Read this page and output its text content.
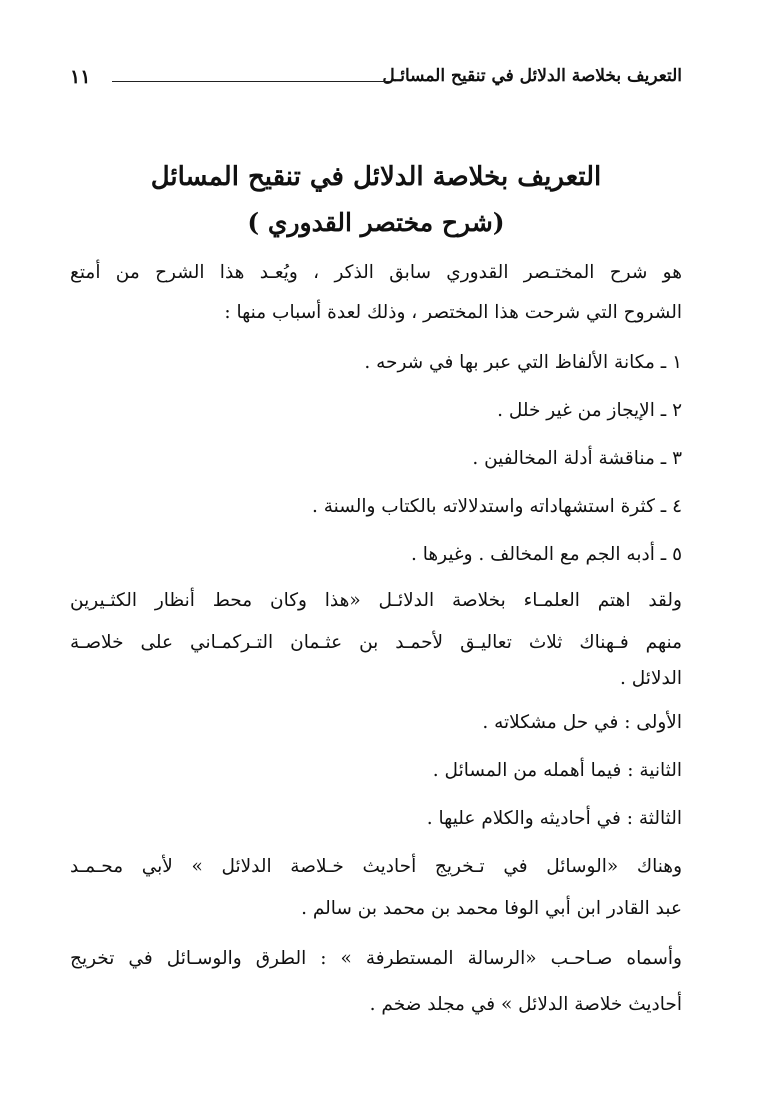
التعريف بخلاصة الدلائل في تنقيح المسائـل
١١
التعريف بخلاصة الدلائل في تنقيح المسائل
(شرح مختصر القدوري )
هو شرح المختـصر القدوري سابق الذكر ، ويُعـد هذا الشرح من أمتع
الشروح التي شرحت هذا المختصر ، وذلك لعدة أسباب منها :
١ ـ مكانة الألفاظ التي عبر بها في شرحه .
٢ ـ الإيجاز من غير خلل .
٣ ـ مناقشة أدلة المخالفين .
٤ ـ كثرة استشهاداته واستدلالاته بالكتاب والسنة .
٥ ـ أدبه الجم مع المخالف . وغيرها .
ولقد اهتم العلمـاء بخلاصة الدلائـل «هذا وكان محط أنظار الكثـيرين
منهم فـهناك ثلاث تعاليـق لأحمـد بن عثـمان التـركمـاني على خلاصـة
الدلائل .
الأولى : في حل مشكلاته .
الثانية : فيما أهمله من المسائل .
الثالثة : في أحاديثه والكلام عليها .
وهناك «الوسائل في تـخريج أحاديث خـلاصة الدلائل » لأبي محـمـد
عبد القادر ابن أبي الوفا محمد بن محمد بن سالم .
وأسماه صـاحـب «الرسالة المستطرفة » : الطرق والوسـائل في تخريج
أحاديث خلاصة الدلائل » في مجلد ضخم .
